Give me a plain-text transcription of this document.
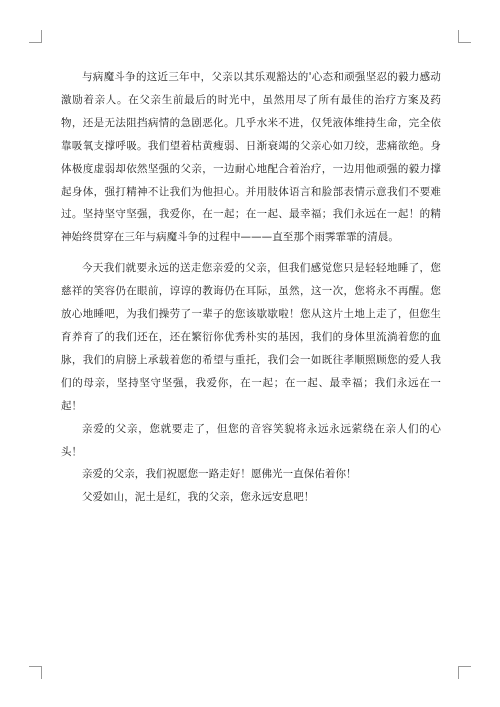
与病魔斗争的这近三年中，父亲以其乐观豁达的'心态和顽强坚忍的毅力感动激励着亲人。在父亲生前最后的时光中，虽然用尽了所有最佳的治疗方案及药物，还是无法阻挡病情的急剧恶化。几乎水米不进，仅凭液体维持生命，完全依靠吸氧支撑呼吸。我们望着枯黄瘦弱、日渐衰竭的父亲心如刀绞，悲痛欲绝。身体极度虚弱却依然坚强的父亲，一边耐心地配合着治疗，一边用他顽强的毅力撑起身体，强打精神不让我们为他担心。并用肢体语言和脸部表情示意我们不要难过。坚持坚守坚强，我爱你，在一起；在一起、最幸福；我们永远在一起！的精神始终贯穿在三年与病魔斗争的过程中———直至那个雨霁霏霏的清晨。

今天我们就要永远的送走您亲爱的父亲，但我们感觉您只是轻轻地睡了，您慈祥的笑容仍在眼前，谆谆的教诲仍在耳际，虽然，这一次，您将永不再醒。您放心地睡吧，为我们操劳了一辈子的您该歇歇啦！您从这片土地上走了，但您生育养育了的我们还在，还在繁衍你优秀朴实的基因，我们的身体里流淌着您的血脉，我们的肩膀上承载着您的希望与重托，我们会一如既往孝顺照顾您的爱人我们的母亲，坚持坚守坚强，我爱你，在一起；在一起、最幸福；我们永远在一起！

亲爱的父亲，您就要走了，但您的音容笑貌将永远永远萦绕在亲人们的心头！

亲爱的父亲，我们祝愿您一路走好！愿佛光一直保佑着你！

父爱如山，泥土是红，我的父亲，您永远安息吧！
